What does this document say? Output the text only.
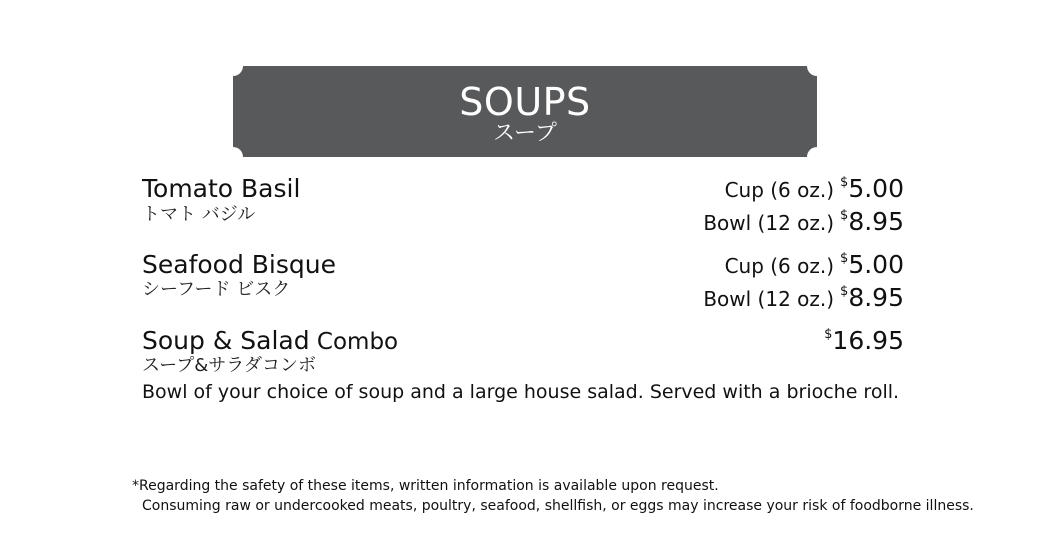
SOUPS
スープ
Tomato Basil
トマト バジル
Cup (6 oz.) $5.00
Bowl (12 oz.) $8.95
Seafood Bisque
シーフード ビスク
Cup (6 oz.) $5.00
Bowl (12 oz.) $8.95
Soup & Salad Combo
スープ&サラダコンボ
$16.95
Bowl of your choice of soup and a large house salad. Served with a brioche roll.
*Regarding the safety of these items, written information is available upon request.
Consuming raw or undercooked meats, poultry, seafood, shellfish, or eggs may increase your risk of foodborne illness.
